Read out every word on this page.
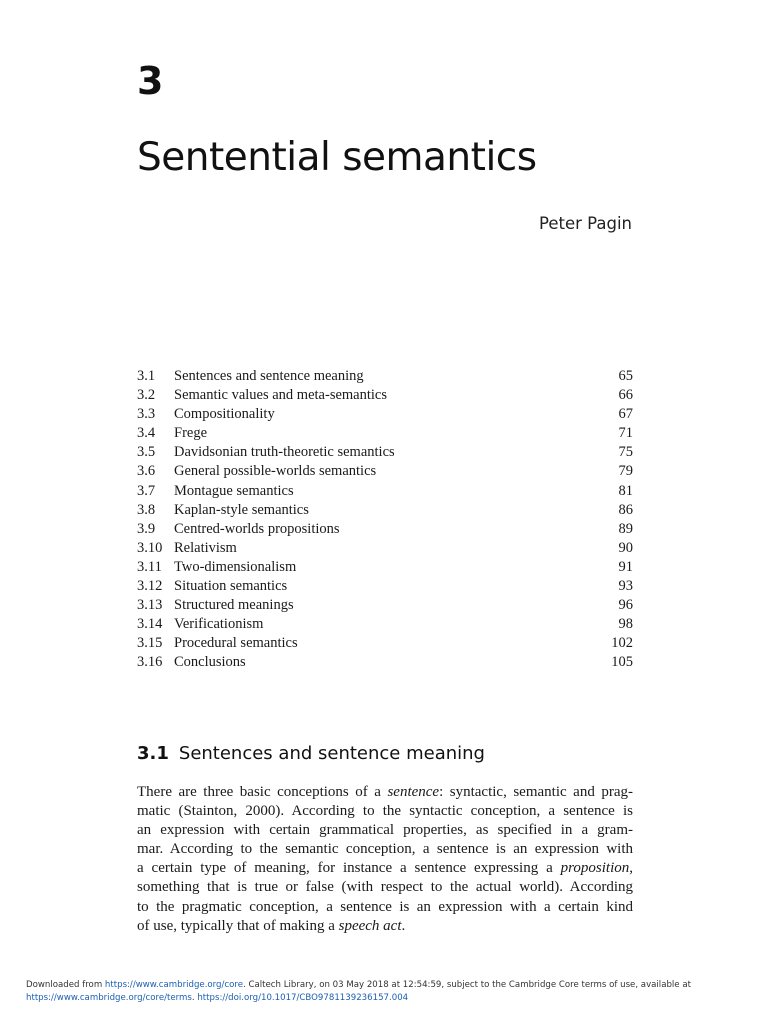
3
Sentential semantics
Peter Pagin
3.1	Sentences and sentence meaning	65
3.2	Semantic values and meta-semantics	66
3.3	Compositionality	67
3.4	Frege	71
3.5	Davidsonian truth-theoretic semantics	75
3.6	General possible-worlds semantics	79
3.7	Montague semantics	81
3.8	Kaplan-style semantics	86
3.9	Centred-worlds propositions	89
3.10 Relativism	90
3.11 Two-dimensionalism	91
3.12 Situation semantics	93
3.13 Structured meanings	96
3.14 Verificationism	98
3.15 Procedural semantics	102
3.16 Conclusions	105
3.1 Sentences and sentence meaning
There are three basic conceptions of a sentence: syntactic, semantic and prag-
matic (Stainton, 2000). According to the syntactic conception, a sentence is
an expression with certain grammatical properties, as specified in a gram-
mar. According to the semantic conception, a sentence is an expression with
a certain type of meaning, for instance a sentence expressing a proposition,
something that is true or false (with respect to the actual world). According
to the pragmatic conception, a sentence is an expression with a certain kind
of use, typically that of making a speech act.
Downloaded from https://www.cambridge.org/core. Caltech Library, on 03 May 2018 at 12:54:59, subject to the Cambridge Core terms of use, available at
https://www.cambridge.org/core/terms. https://doi.org/10.1017/CBO9781139236157.004
